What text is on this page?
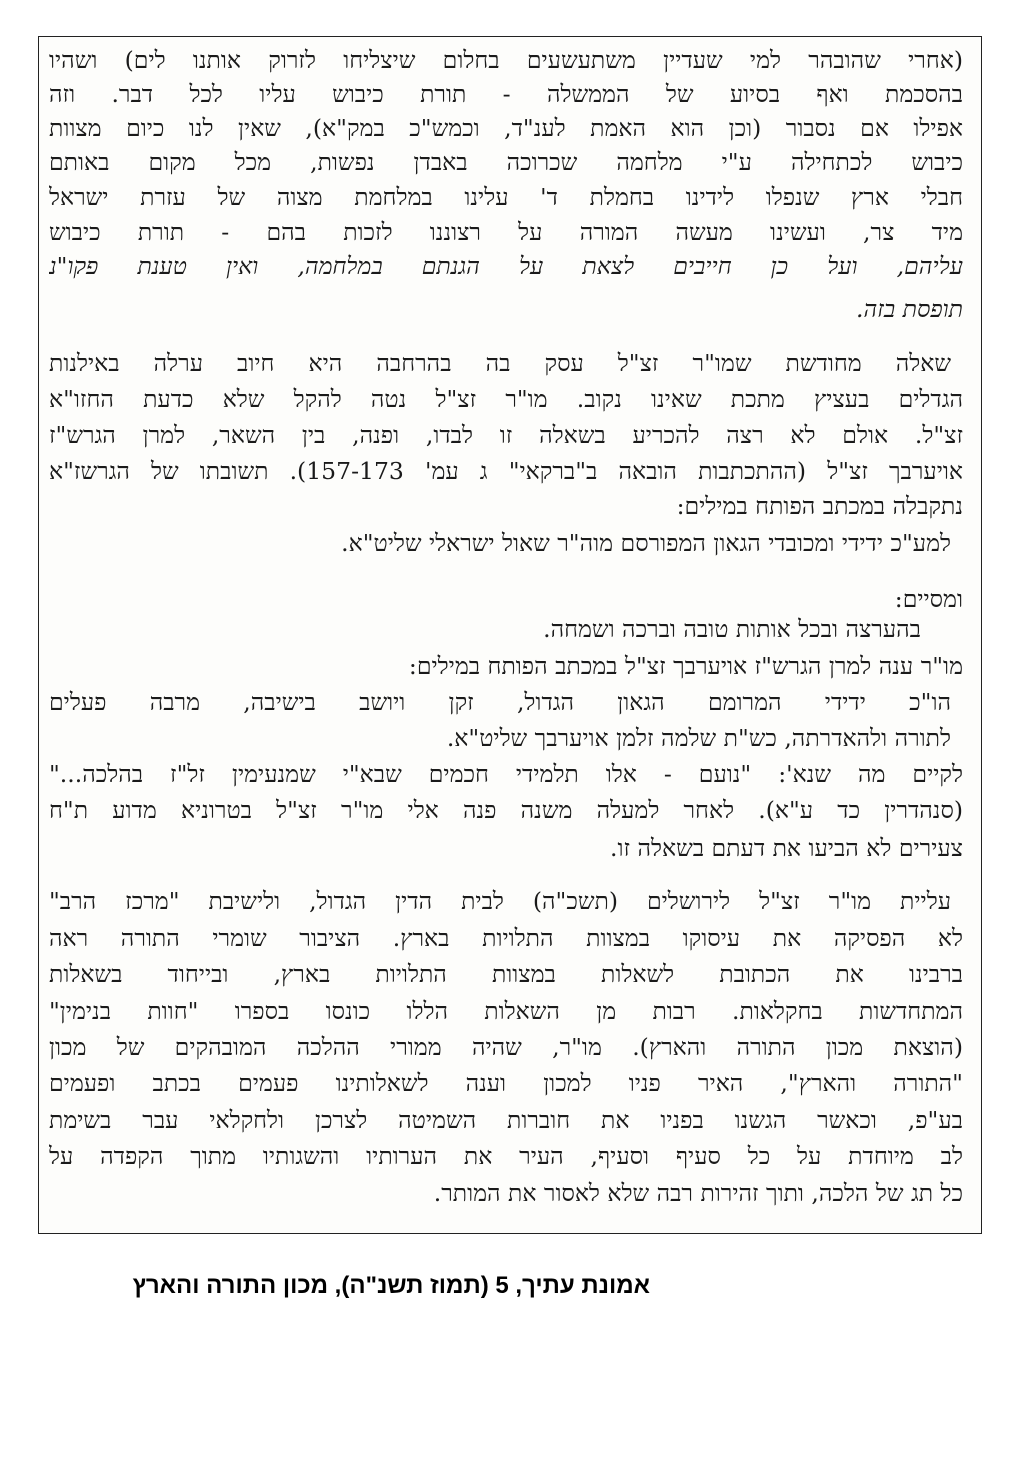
(אחרי שהובהר למי שעדיין משתעשעים בחלום שיצליחו לזרוק אותנו לים) ושהיו
בהסכמת ואף בסיוע של הממשלה - תורת כיבוש עליו לכל דבר. וזה
אפילו אם נסבור (וכן הוא האמת לענ"ד, וכמש"כ במק"א), שאין לנו כיום מצוות
כיבוש לכתחילה ע"י מלחמה שכרוכה באבדן נפשות, מכל מקום באותם
חבלי ארץ שנפלו לידינו בחמלת ד' עלינו במלחמת מצוה של עזרת ישראל
מיד צר, ועשינו מעשה המורה על רצוננו לזכות בהם - תורת כיבוש
עליהם, ועל כן חייבים לצאת על הגנתם במלחמה, ואין טענת פקו"נ
תופסת בזה.
שאלה מחודשת שמו"ר זצ"ל עסק בה בהרחבה היא חיוב ערלה באילנות
הגדלים בעציץ מתכת שאינו נקוב. מו"ר זצ"ל נטה להקל שלא כדעת החזו"א
זצ"ל. אולם לא רצה להכריע בשאלה זו לבדו, ופנה, בין השאר, למרן הגרש"ז
אויערבך זצ"ל (ההתכתבות הובאה ב"ברקאי" ג עמ' 157-173). תשובתו של הגרשז"א
נתקבלה במכתב הפותח במילים:
למע"כ ידידי ומכובדי הגאון המפורסם מוה"ר שאול ישראלי שליט"א.
ומסיים:
בהערצה ובכל אותות טובה וברכה ושמחה.
מו"ר ענה למרן הגרש"ז אויערבך זצ"ל במכתב הפותח במילים:
הו"כ ידידי המרומם הגאון הגדול, זקן ויושב בישיבה, מרבה פעלים
לתורה ולהאדרתה, כש"ת שלמה זלמן אויערבך שליט"א.
לקיים מה שנא': "נועם - אלו תלמידי חכמים שבא"י שמנעימין זל"ז בהלכה..."
(סנהדרין כד ע"א). לאחר למעלה משנה פנה אלי מו"ר זצ"ל בטרוניא מדוע ת"ח
צעירים לא הביעו את דעתם בשאלה זו.
עליית מו"ר זצ"ל לירושלים (תשכ"ה) לבית הדין הגדול, ולישיבת "מרכז הרב"
לא הפסיקה את עיסוקו במצוות התלויות בארץ. הציבור שומרי התורה ראה
ברבינו את הכתובת לשאלות במצוות התלויות בארץ, ובייחוד בשאלות
המתחדשות בחקלאות. רבות מן השאלות הללו כונסו בספרו "חוות בנימין"
(הוצאת מכון התורה והארץ). מו"ר, שהיה ממורי ההלכה המובהקים של מכון
"התורה והארץ", האיר פניו למכון וענה לשאלותינו פעמים בכתב ופעמים
בע"פ, וכאשר הגשנו בפניו את חוברות השמיטה לצרכן ולחקלאי עבר בשימת
לב מיוחדת על כל סעיף וסעיף, העיר את הערותיו והשגותיו מתוך הקפדה על
כל תג של הלכה, ותוך זהירות רבה שלא לאסור את המותר.
אמונת עתיך, 5 (תמוז תשנ"ה), מכון התורה והארץ
